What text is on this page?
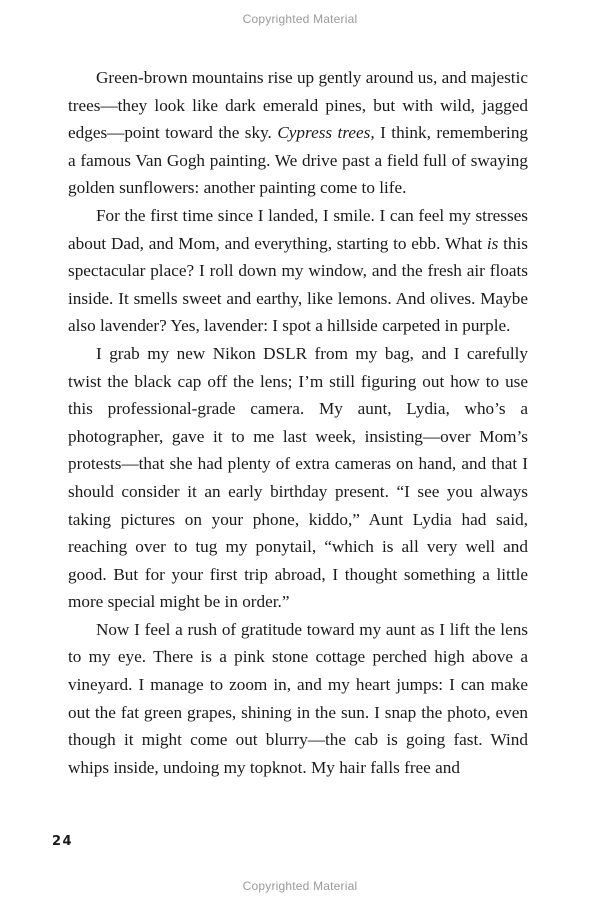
Copyrighted Material

Green-brown mountains rise up gently around us, and majestic trees—they look like dark emerald pines, but with wild, jagged edges—point toward the sky. Cypress trees, I think, remembering a famous Van Gogh painting. We drive past a field full of swaying golden sunflowers: another painting come to life.

For the first time since I landed, I smile. I can feel my stresses about Dad, and Mom, and everything, starting to ebb. What is this spectacular place? I roll down my window, and the fresh air floats inside. It smells sweet and earthy, like lemons. And olives. Maybe also lavender? Yes, lavender: I spot a hillside carpeted in purple.

I grab my new Nikon DSLR from my bag, and I carefully twist the black cap off the lens; I’m still figuring out how to use this professional-grade camera. My aunt, Lydia, who’s a photographer, gave it to me last week, insisting—over Mom’s protests—that she had plenty of extra cameras on hand, and that I should consider it an early birthday present. “I see you always taking pictures on your phone, kiddo,” Aunt Lydia had said, reaching over to tug my ponytail, “which is all very well and good. But for your first trip abroad, I thought something a little more special might be in order.”

Now I feel a rush of gratitude toward my aunt as I lift the lens to my eye. There is a pink stone cottage perched high above a vineyard. I manage to zoom in, and my heart jumps: I can make out the fat green grapes, shining in the sun. I snap the photo, even though it might come out blurry—the cab is going fast. Wind whips inside, undoing my topknot. My hair falls free and

24
Copyrighted Material
